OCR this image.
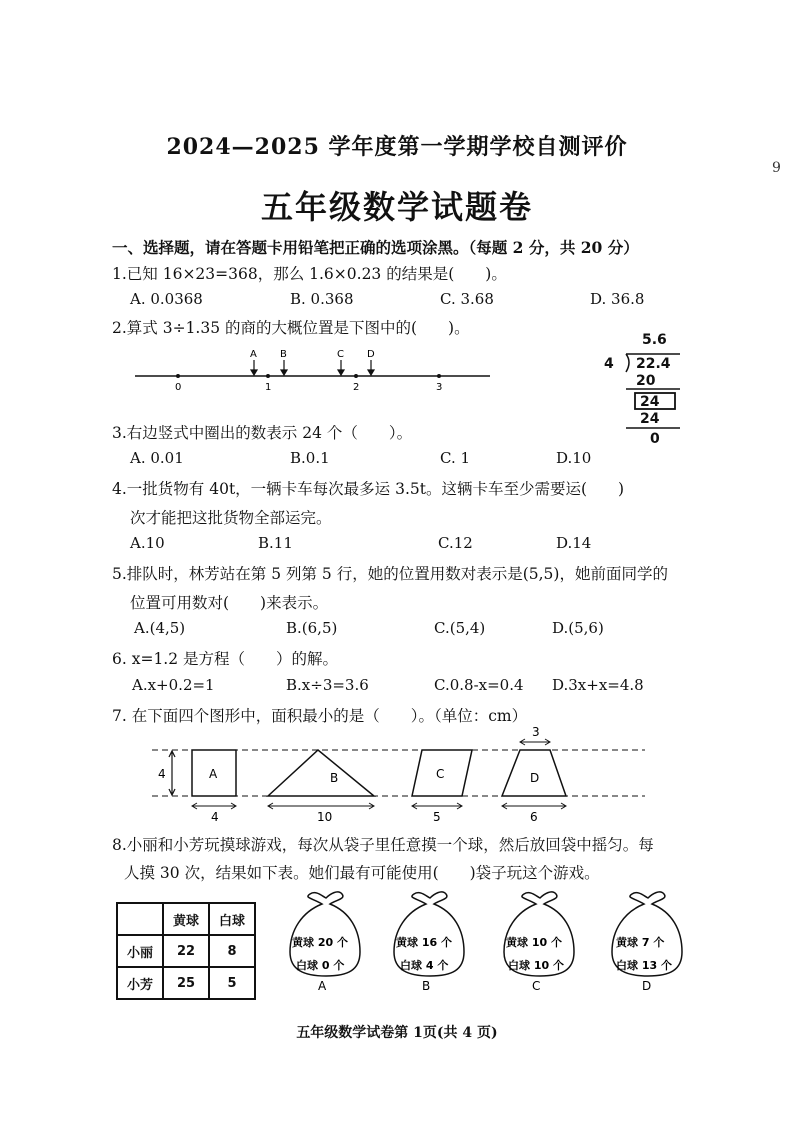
2024—2025 学年度第一学期学校自测评价
五年级数学试题卷
9
一、选择题，请在答题卡用铅笔把正确的选项涂黑。（每题 2 分，共 20 分）
1.已知 16×23=368，那么 1.6×0.23 的结果是(　　)。
A. 0.0368	B. 0.368	C. 3.68	D. 36.8
2.算式 3÷1.35 的商的大概位置是下图中的(　　)。
0	1	2	3
A B	C D
5.6
4 22.4
20
24
24
0
3.右边竖式中圈出的数表示 24 个（　　）。
A. 0.01	B.0.1	C. 1	D.10
4.一批货物有 40t，一辆卡车每次最多运 3.5t。这辆卡车至少需要运(　　)
次才能把这批货物全部运完。
A.10	B.11	C.12	D.14
5.排队时，林芳站在第 5 列第 5 行，她的位置用数对表示是(5,5)，她前面同学的
位置可用数对(　　)来表示。
A.(4,5)	B.(6,5)	C.(5,4)	D.(5,6)
6. x=1.2 是方程（　　）的解。
A.x+0.2=1	B.x÷3=3.6	C.0.8-x=0.4 D.3x+x=4.8
7. 在下面四个图形中，面积最小的是（　　）。（单位：cm）
4	A
4
B
10
C
5
D
3
6
8.小丽和小芳玩摸球游戏，每次从袋子里任意摸一个球，然后放回袋中摇匀。每
人摸 30 次，结果如下表。她们最有可能使用(　　)袋子玩这个游戏。
	黄球	白球
小丽	22	8
小芳	25	5
黄球 20 个
白球 0 个
A
黄球 16 个
白球 4 个
B
黄球 10 个
白球 10 个
C
黄球 7 个
白球 13 个
D
五年级数学试卷第 1页(共 4 页)
